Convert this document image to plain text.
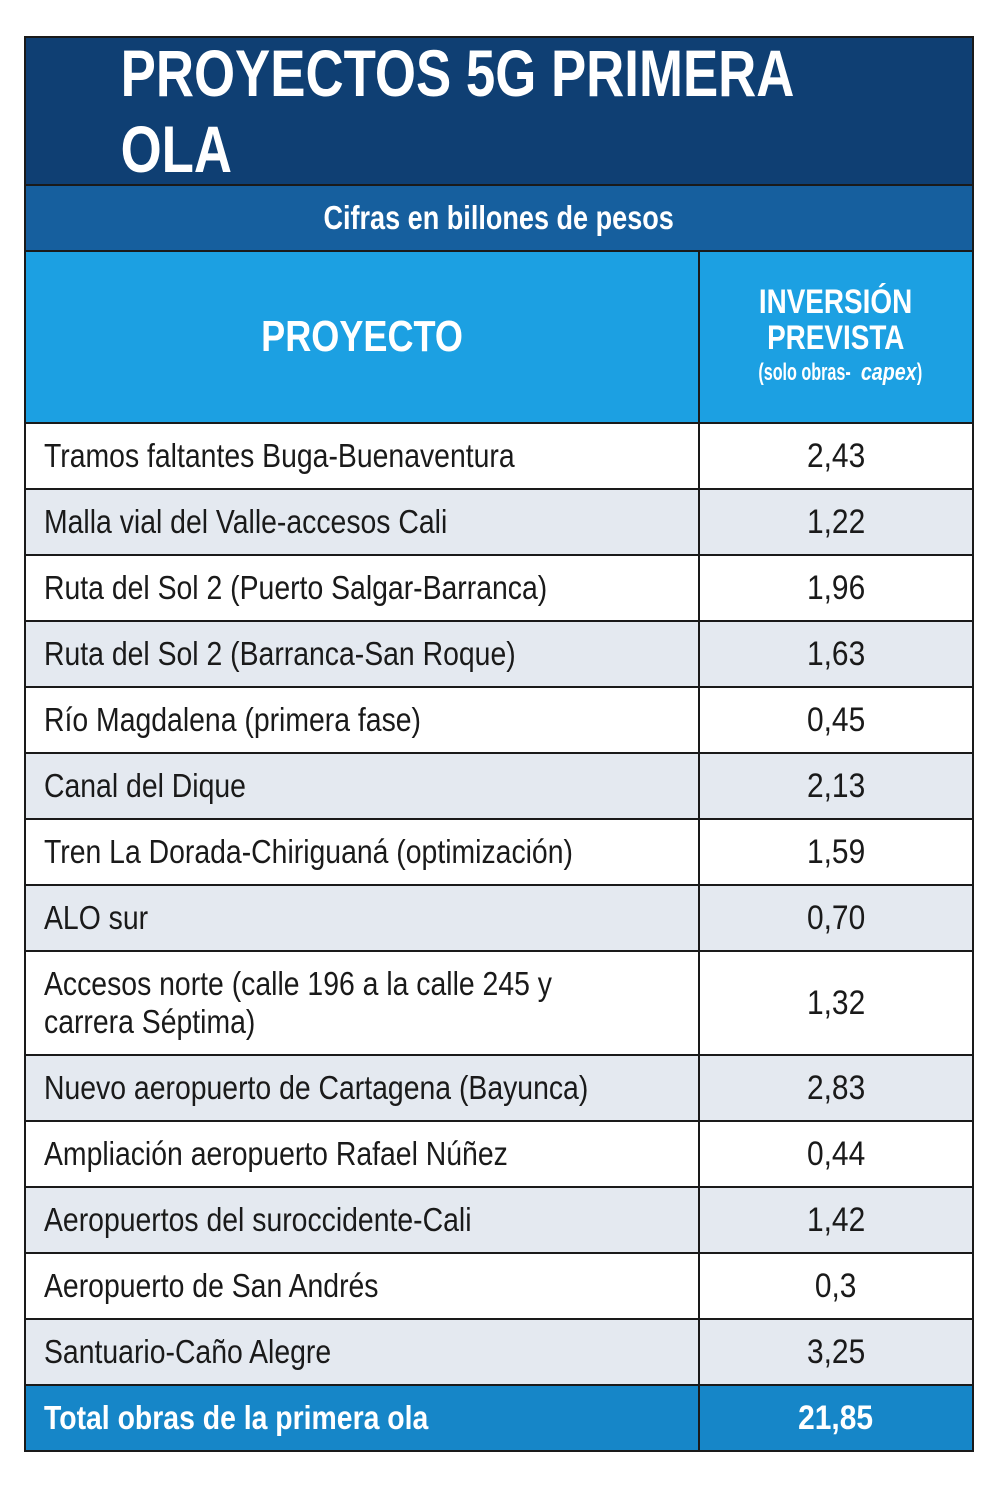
PROYECTOS 5G PRIMERA OLA
Cifras en billones de pesos
PROYECTO
INVERSIÓN
PREVISTA
(solo obras- capex)
Tramos faltantes Buga-Buenaventura	2,43
Malla vial del Valle-accesos Cali	1,22
Ruta del Sol 2 (Puerto Salgar-Barranca)	1,96
Ruta del Sol 2 (Barranca-San Roque)	1,63
Río Magdalena (primera fase)	0,45
Canal del Dique	2,13
Tren La Dorada-Chiriguaná (optimización)	1,59
ALO sur	0,70
Accesos norte (calle 196 a la calle 245 y carrera Séptima)	1,32
Nuevo aeropuerto de Cartagena (Bayunca)	2,83
Ampliación aeropuerto Rafael Núñez	0,44
Aeropuertos del suroccidente-Cali	1,42
Aeropuerto de San Andrés	0,3
Santuario-Caño Alegre	3,25
Total obras de la primera ola	21,85
